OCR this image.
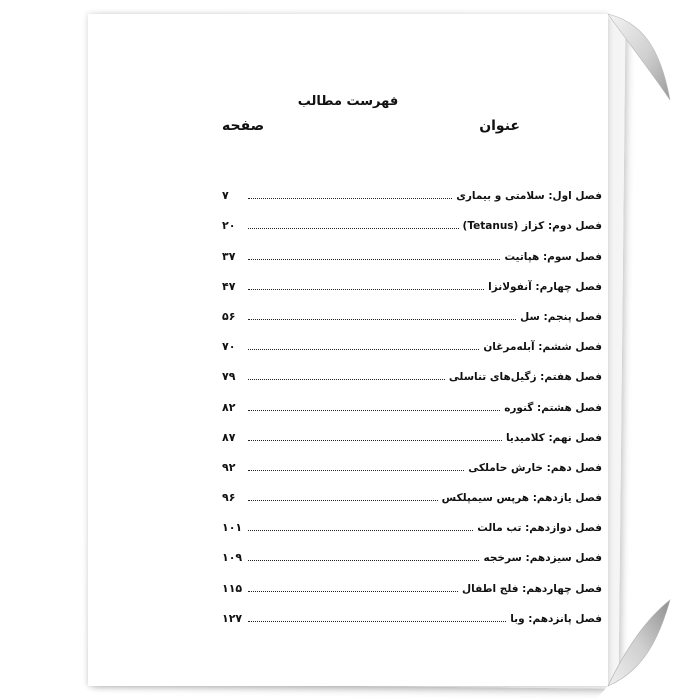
فهرست مطالب
عنوان
صفحه
فصل اول: سلامتی و بیماری
۷
فصل دوم: کزاز (Tetanus)
۲۰
فصل سوم: هپاتیت
۳۷
فصل چهارم: آنفولانزا
۴۷
فصل پنجم: سل
۵۶
فصل ششم: آبله‌مرغان
۷۰
فصل هفتم: زگیل‌های تناسلی
۷۹
فصل هشتم: گنوره
۸۲
فصل نهم: کلامیدیا
۸۷
فصل دهم: خارش حاملکی
۹۲
فصل یازدهم: هرپس سیمپلکس
۹۶
فصل دوازدهم: تب مالت
۱۰۱
فصل سیزدهم: سرخجه
۱۰۹
فصل چهاردهم: فلج اطفال
۱۱۵
فصل پانزدهم: وبا
۱۲۷
